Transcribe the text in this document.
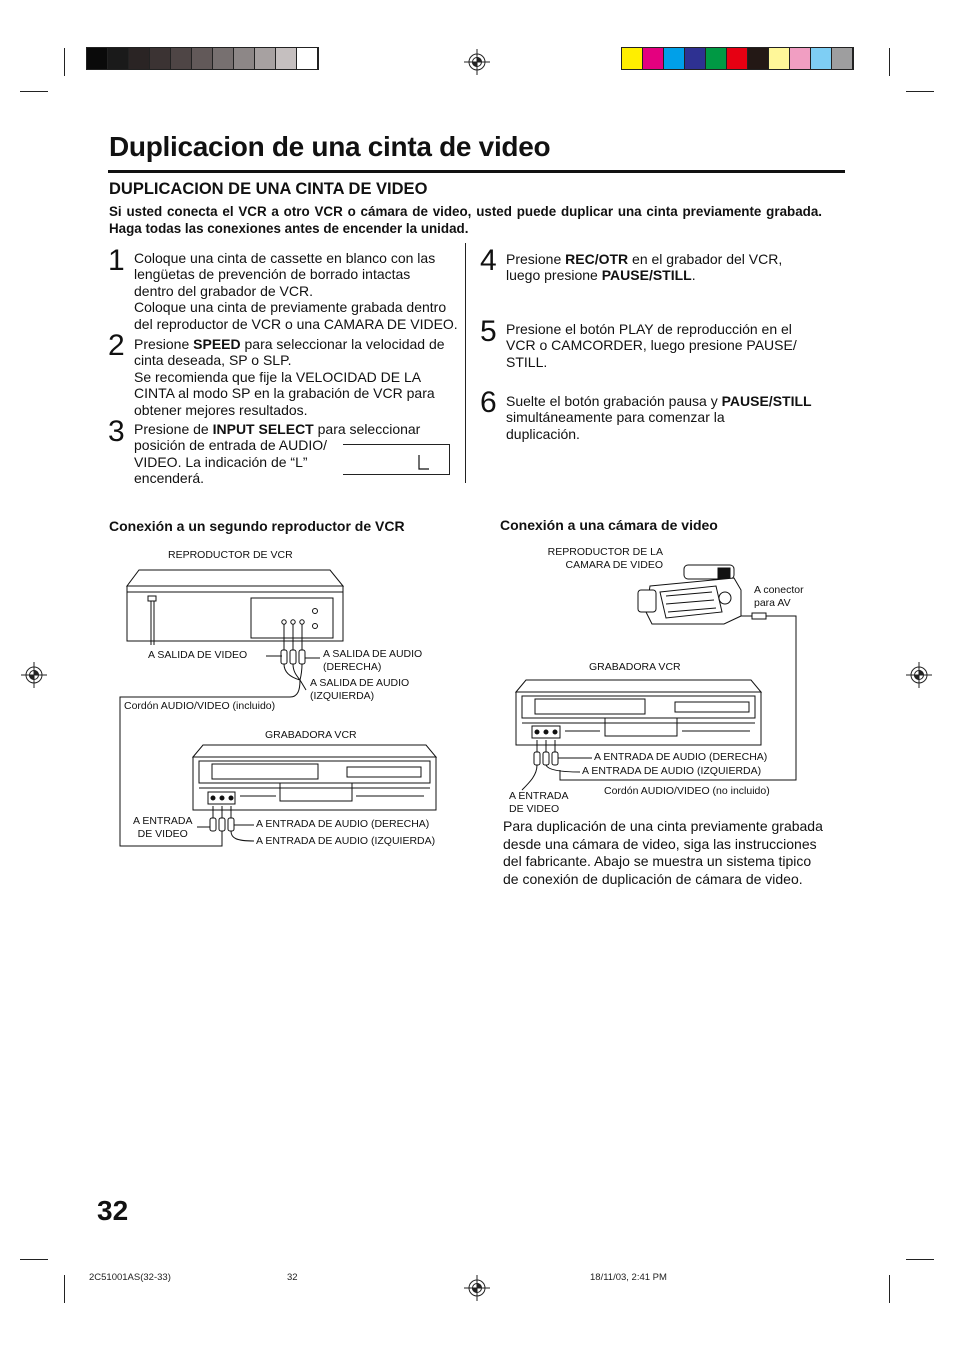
Duplicacion de una cinta de video
DUPLICACION DE UNA CINTA DE VIDEO
Si usted conecta el VCR a otro VCR o cámara de video, usted puede duplicar una cinta previamente grabada. Haga todas las conexiones antes de encender la unidad.
1 Coloque una cinta de cassette en blanco con las
lengüetas de prevención de borrado intactas
dentro del grabador de VCR.
Coloque una cinta de previamente grabada dentro
del reproductor de VCR o una CAMARA DE VIDEO.
2 Presione SPEED para seleccionar la velocidad de
cinta deseada, SP o SLP.
Se recomienda que fije la VELOCIDAD DE LA
CINTA al modo SP en la grabación de VCR para
obtener mejores resultados.
3 Presione de INPUT SELECT para seleccionar
posición de entrada de AUDIO/
VIDEO. La indicación de “L”
encenderá.
4 Presione REC/OTR en el grabador del VCR,
luego presione PAUSE/STILL.
5 Presione el botón PLAY de reproducción en el
VCR o CAMCORDER, luego presione PAUSE/
STILL.
6 Suelte el botón grabación pausa y PAUSE/STILL
simultáneamente para comenzar la
duplicación.
Conexión a un segundo reproductor de VCR	Conexión a una cámara de video
REPRODUCTOR DE VCR
A SALIDA DE VIDEO	A SALIDA DE AUDIO
(DERECHA)
A SALIDA DE AUDIO
(IZQUIERDA)
Cordón AUDIO/VIDEO (incluido)
GRABADORA VCR
A ENTRADA
DE VIDEO
A ENTRADA DE AUDIO (DERECHA)
A ENTRADA DE AUDIO (IZQUIERDA)
REPRODUCTOR DE LA
CAMARA DE VIDEO
A conector
para AV
GRABADORA VCR
A ENTRADA DE AUDIO (DERECHA)
A ENTRADA DE AUDIO (IZQUIERDA)
A ENTRADA
DE VIDEO
Cordón AUDIO/VIDEO (no incluido)
Para duplicación de una cinta previamente grabada desde una cámara de video, siga las instrucciones del fabricante. Abajo se muestra un sistema tipico de conexión de duplicación de cámara de video.
32
2C51001AS(32-33)	32	18/11/03, 2:41 PM
